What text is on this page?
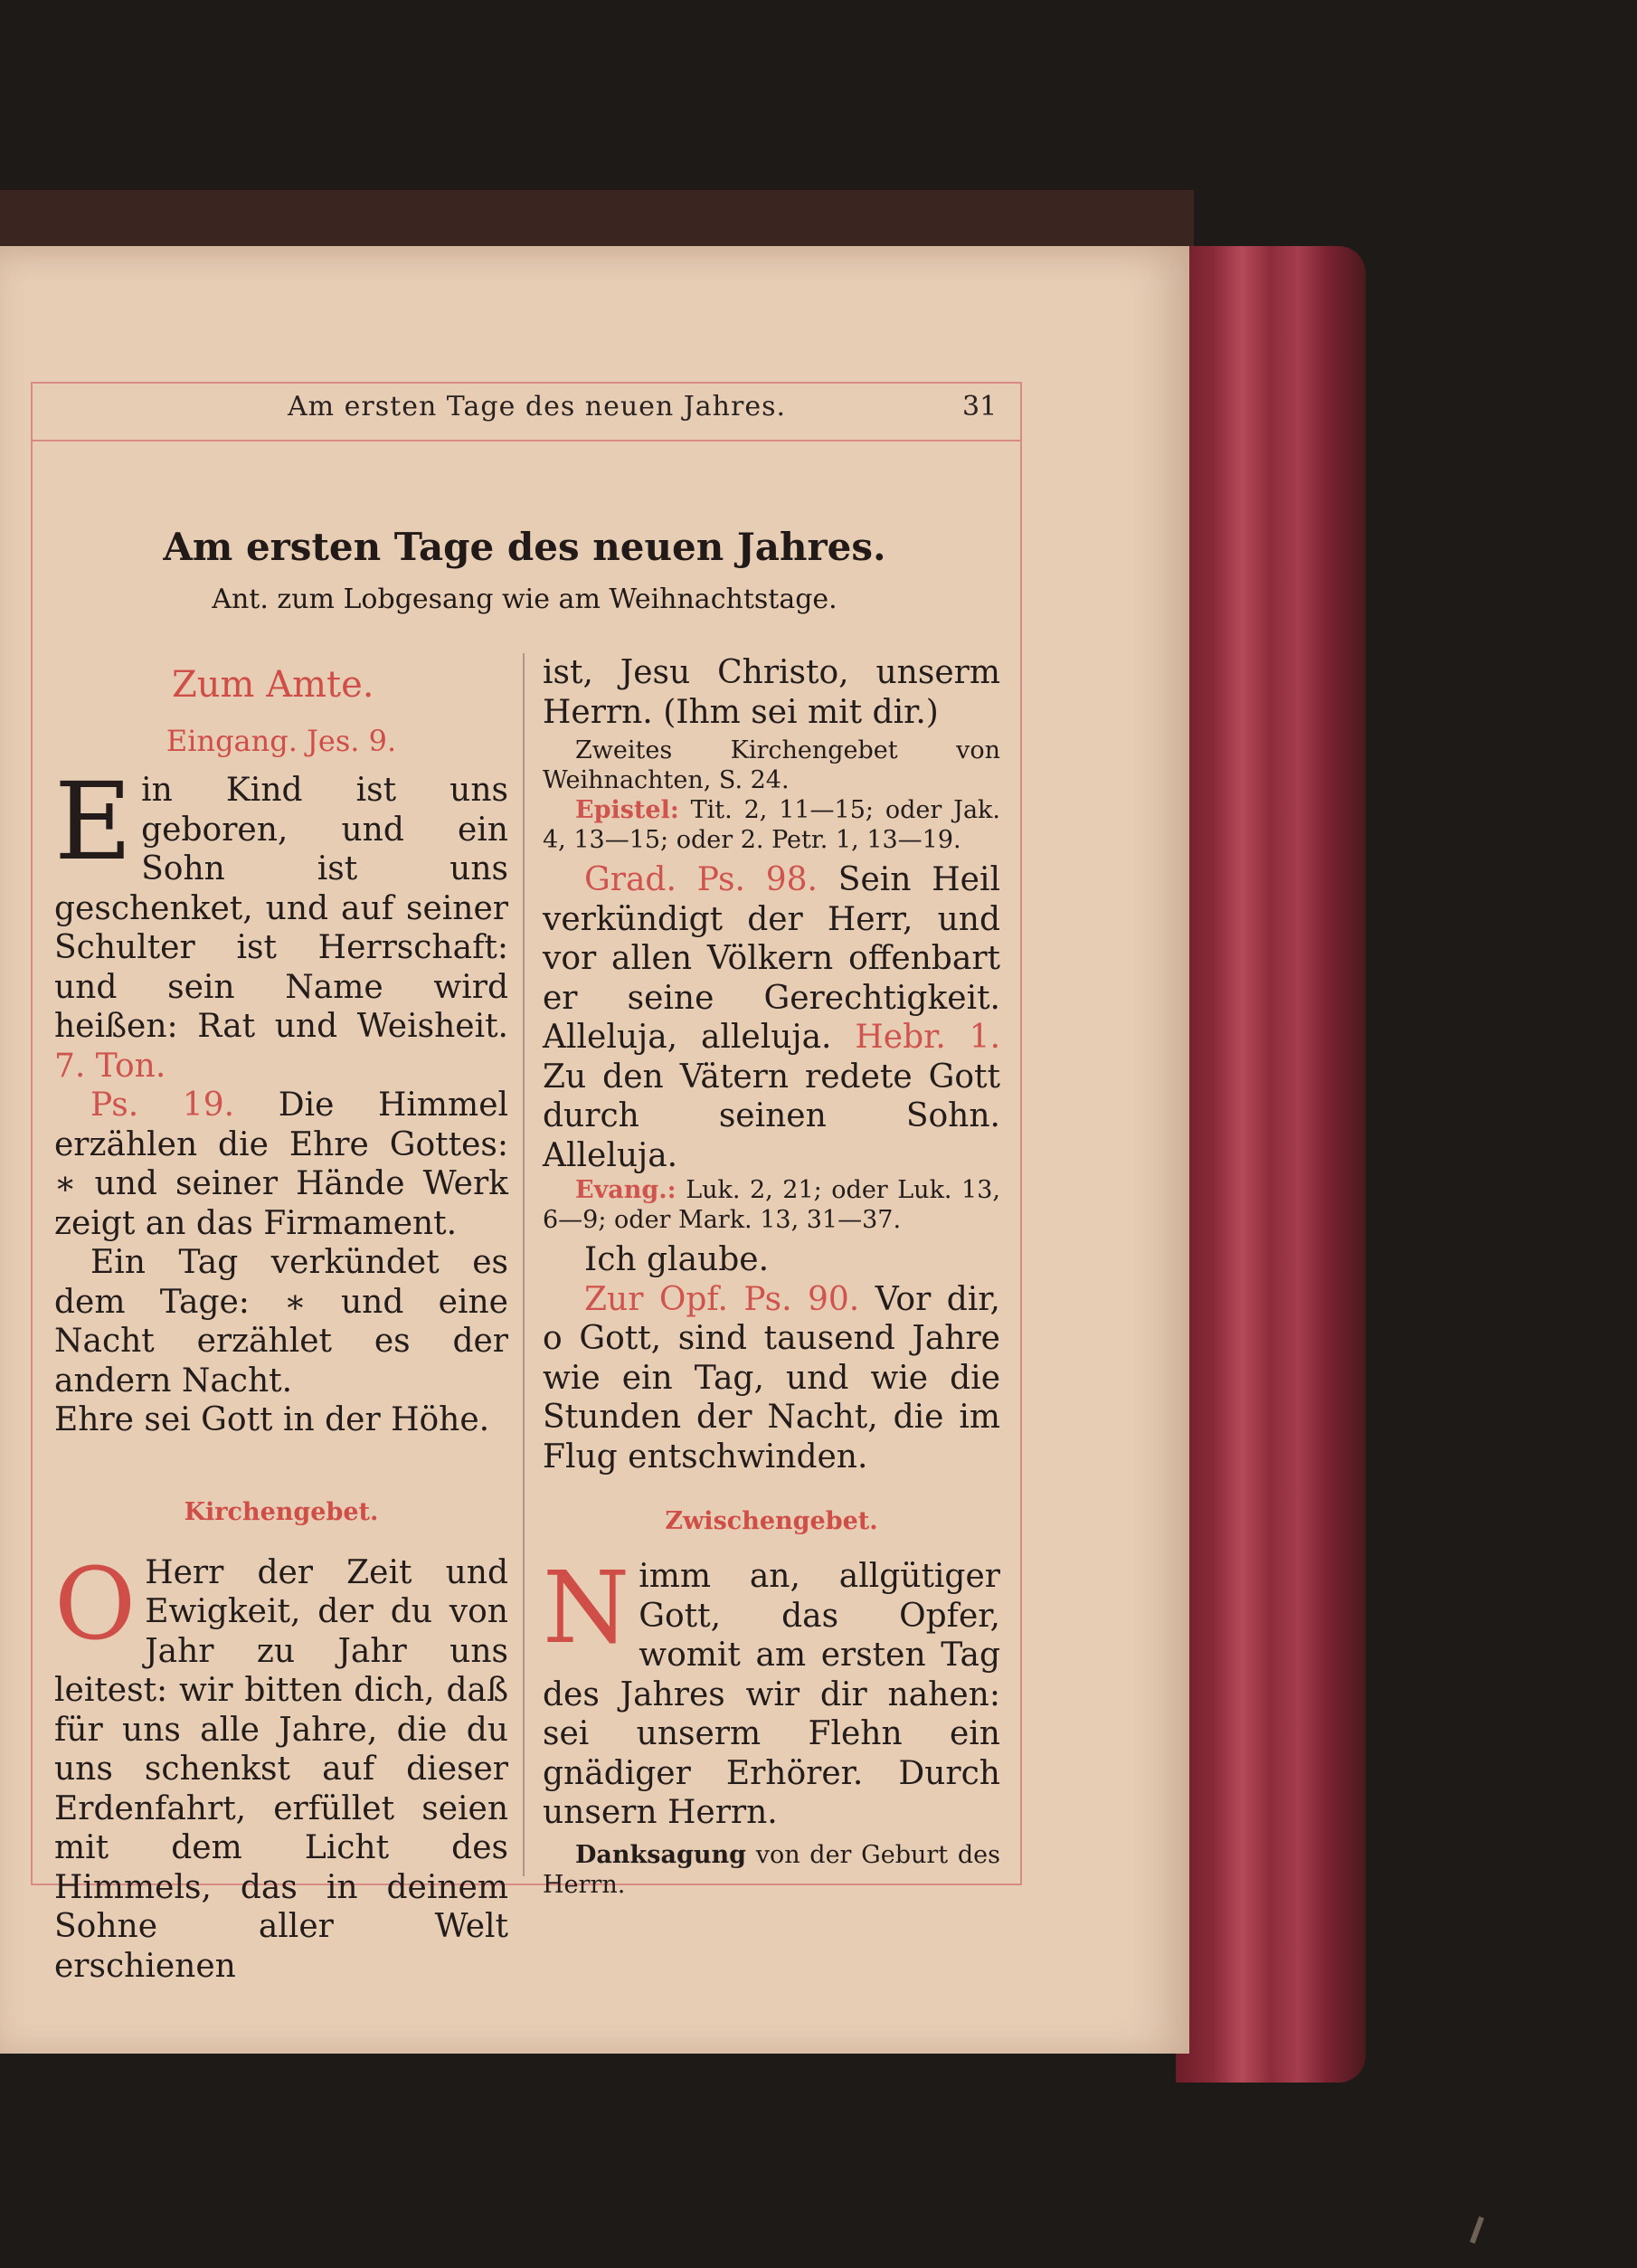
Am ersten Tage des neuen Jahres.	31
Am ersten Tage des neuen Jahres.
Ant. zum Lobgesang wie am Weihnachtstage.

Zum Amte.

Eingang. Jes. 9.

Ein Kind ist uns geboren, und ein Sohn ist uns geschenket, und auf seiner Schulter ist Herrschaft: und sein Name wird heißen: Rat und Weisheit. 7. Ton.

Ps. 19. Die Himmel erzählen die Ehre Gottes: ∗ und seiner Hände Werk zeigt an das Firmament.

Ein Tag verkündet es dem Tage: ∗ und eine Nacht erzählet es der andern Nacht.

Ehre sei Gott in der Höhe.

Kirchengebet.

O Herr der Zeit und Ewigkeit, der du von Jahr zu Jahr uns leitest: wir bitten dich, daß für uns alle Jahre, die du uns schenkst auf dieser Erdenfahrt, erfüllet seien mit dem Licht des Himmels, das in deinem Sohne aller Welt erschienen

ist, Jesu Christo, unserm Herrn. (Ihm sei mit dir.)

Zweites Kirchengebet von Weihnachten, S. 24.

Epistel: Tit. 2, 11—15; oder Jak. 4, 13—15; oder 2. Petr. 1, 13—19.

Grad. Ps. 98. Sein Heil verkündigt der Herr, und vor allen Völkern offenbart er seine Gerechtigkeit. Alleluja, alleluja. Hebr. 1. Zu den Vätern redete Gott durch seinen Sohn. Alleluja.

Evang.: Luk. 2, 21; oder Luk. 13, 6—9; oder Mark. 13, 31—37.

Ich glaube.

Zur Opf. Ps. 90. Vor dir, o Gott, sind tausend Jahre wie ein Tag, und wie die Stunden der Nacht, die im Flug entschwinden.

Zwischengebet.

Nimm an, allgütiger Gott, das Opfer, womit am ersten Tag des Jahres wir dir nahen: sei unserm Flehn ein gnädiger Erhörer. Durch unsern Herrn.

Danksagung von der Geburt des Herrn.
